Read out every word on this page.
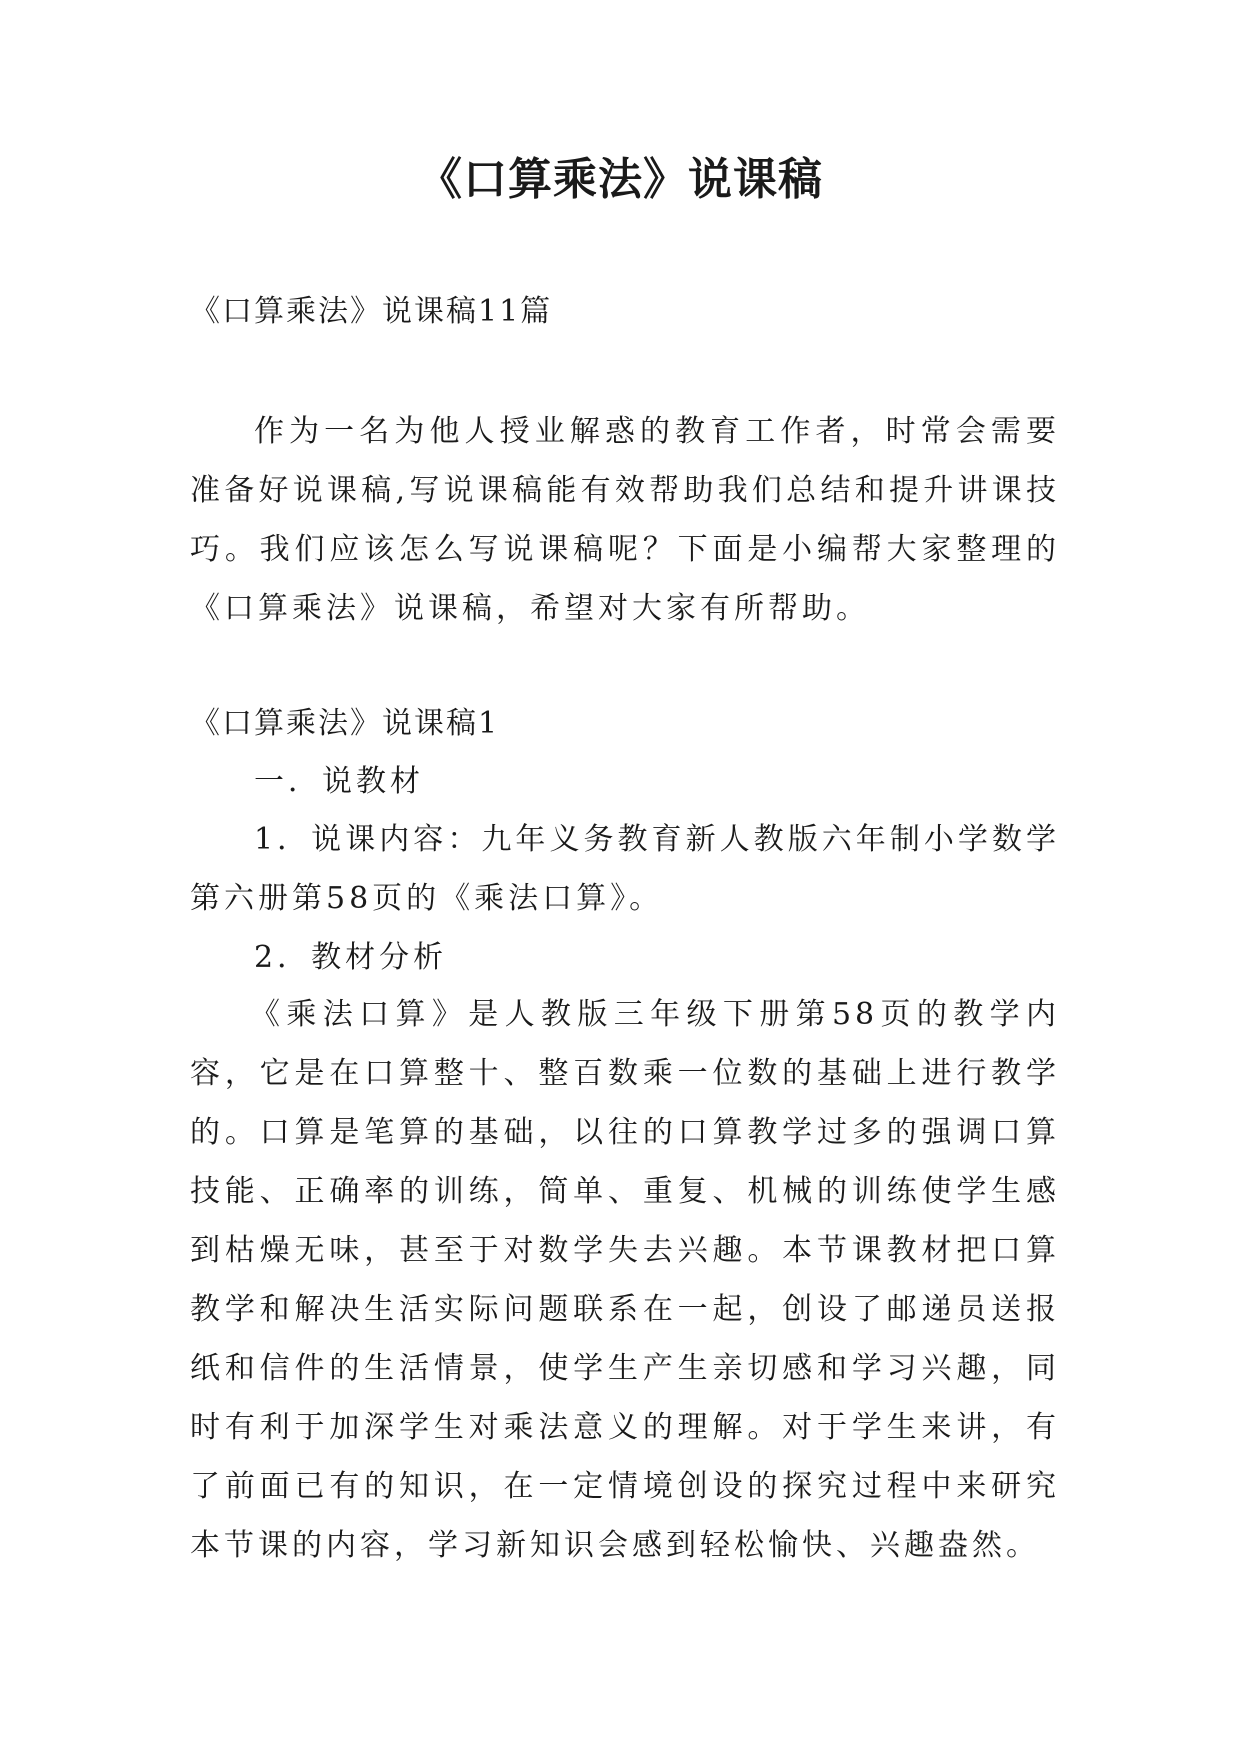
《口算乘法》说课稿
《口算乘法》说课稿11篇

作为一名为他人授业解惑的教育工作者，时常会需要准备好说课稿,写说课稿能有效帮助我们总结和提升讲课技巧。我们应该怎么写说课稿呢？下面是小编帮大家整理的《口算乘法》说课稿，希望对大家有所帮助。

《口算乘法》说课稿1
一．说教材

1．说课内容：九年义务教育新人教版六年制小学数学第六册第58页的《乘法口算》。

2．教材分析

《乘法口算》是人教版三年级下册第58页的教学内容，它是在口算整十、整百数乘一位数的基础上进行教学的。口算是笔算的基础，以往的口算教学过多的强调口算技能、正确率的训练，简单、重复、机械的训练使学生感到枯燥无味，甚至于对数学失去兴趣。本节课教材把口算教学和解决生活实际问题联系在一起，创设了邮递员送报纸和信件的生活情景，使学生产生亲切感和学习兴趣，同时有利于加深学生对乘法意义的理解。对于学生来讲，有了前面已有的知识，在一定情境创设的探究过程中来研究本节课的内容，学习新知识会感到轻松愉快、兴趣盎然。
